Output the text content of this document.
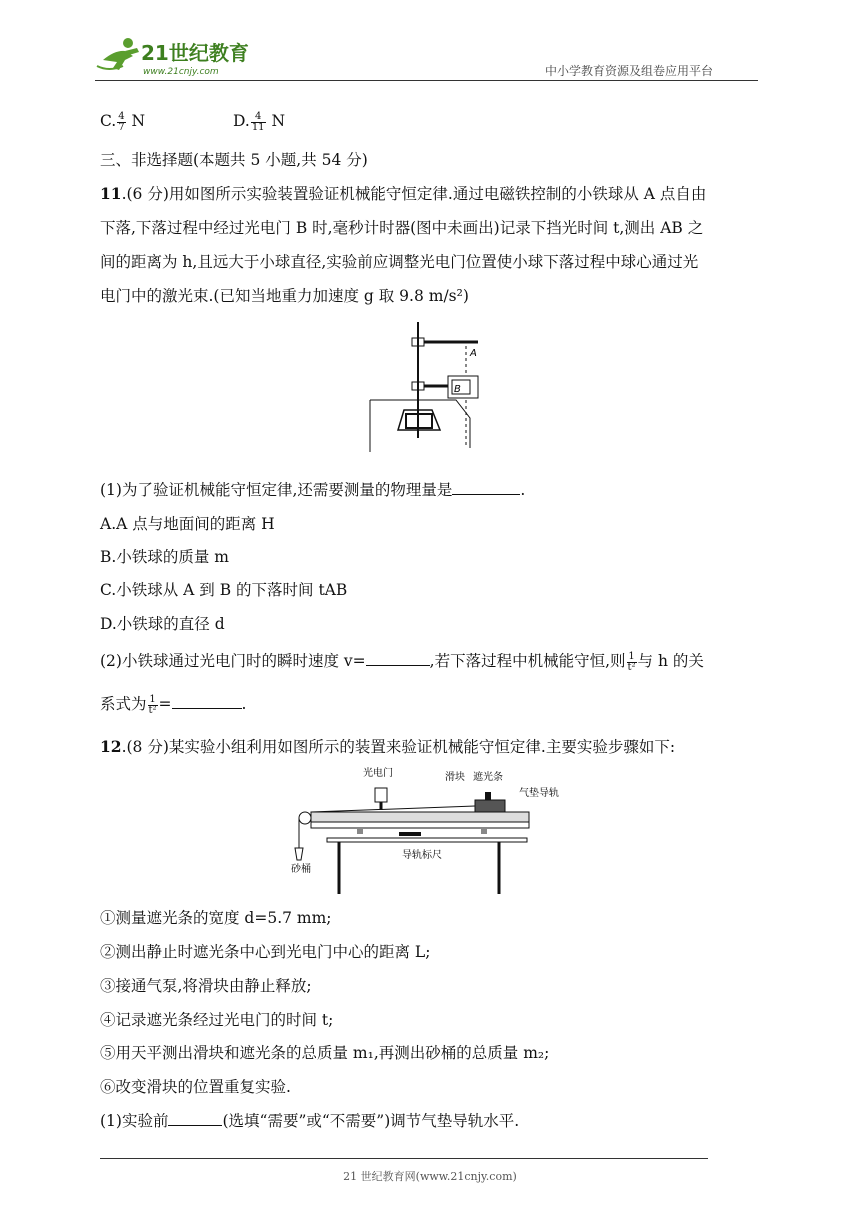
21世纪教育
www.21cnjy.com	中小学教育资源及组卷应用平台
C. $\frac{4}{7}$ N	D. $\frac{4}{11}$ N
三、非选择题(本题共 5 小题,共 54 分)
11.(6 分)用如图所示实验装置验证机械能守恒定律.通过电磁铁控制的小铁球从 A 点自由
下落,下落过程中经过光电门 B 时,毫秒计时器(图中未画出)记录下挡光时间 t,测出 AB 之
间的距离为 h,且远大于小球直径,实验前应调整光电门位置使小球下落过程中球心通过光
电门中的激光束.(已知当地重力加速度 g 取 9.8 m/s²)
A
B
(1)为了验证机械能守恒定律,还需要测量的物理量是	.
A.A 点与地面间的距离 H
B.小铁球的质量 m
C.小铁球从 A 到 B 的下落时间 tAB
D.小铁球的直径 d
(2)小铁球通过光电门时的瞬时速度 v=	,若下落过程中机械能守恒,则 $\frac{1}{\text{t²}}$ 与 h 的关
系式为 $\frac{1}{\text{t²}}$ =	.
12.(8 分)某实验小组利用如图所示的装置来验证机械能守恒定律.主要实验步骤如下:
光电门	滑块 遮光条
气垫导轨
砂桶
导轨标尺
①测量遮光条的宽度 d=5.7 mm;
②测出静止时遮光条中心到光电门中心的距离 L;
③接通气泵,将滑块由静止释放;
④记录遮光条经过光电门的时间 t;
⑤用天平测出滑块和遮光条的总质量 m₁,再测出砂桶的总质量 m₂;
⑥改变滑块的位置重复实验.
(1)实验前	(选填“需要”或“不需要”)调节气垫导轨水平.
21 世纪教育网(www.21cnjy.com)
